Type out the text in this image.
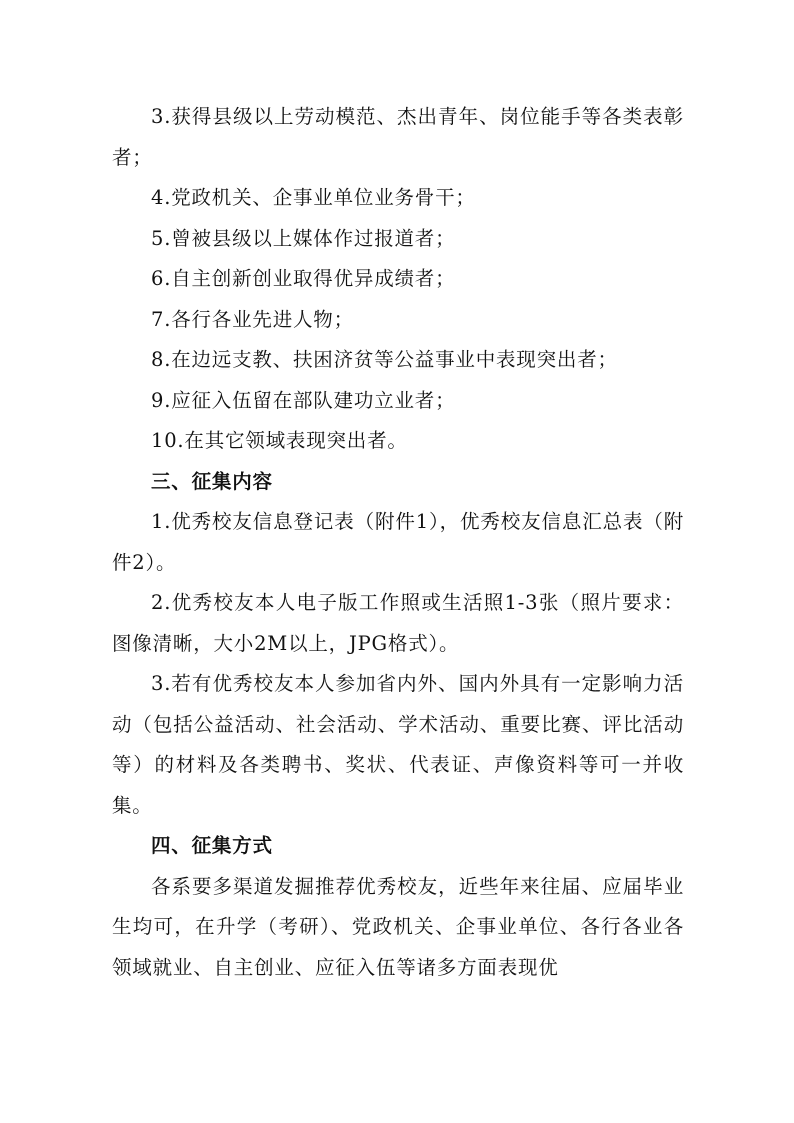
3.获得县级以上劳动模范、杰出青年、岗位能手等各类表彰者；

4.党政机关、企事业单位业务骨干；

5.曾被县级以上媒体作过报道者；

6.自主创新创业取得优异成绩者；

7.各行各业先进人物；

8.在边远支教、扶困济贫等公益事业中表现突出者；

9.应征入伍留在部队建功立业者；

10.在其它领域表现突出者。

三、征集内容

1.优秀校友信息登记表（附件1），优秀校友信息汇总表（附件2）。

2.优秀校友本人电子版工作照或生活照1-3张（照片要求：图像清晰，大小2M以上，JPG格式）。

3.若有优秀校友本人参加省内外、国内外具有一定影响力活动（包括公益活动、社会活动、学术活动、重要比赛、评比活动等）的材料及各类聘书、奖状、代表证、声像资料等可一并收集。

四、征集方式

各系要多渠道发掘推荐优秀校友，近些年来往届、应届毕业生均可，在升学（考研）、党政机关、企事业单位、各行各业各领域就业、自主创业、应征入伍等诸多方面表现优
